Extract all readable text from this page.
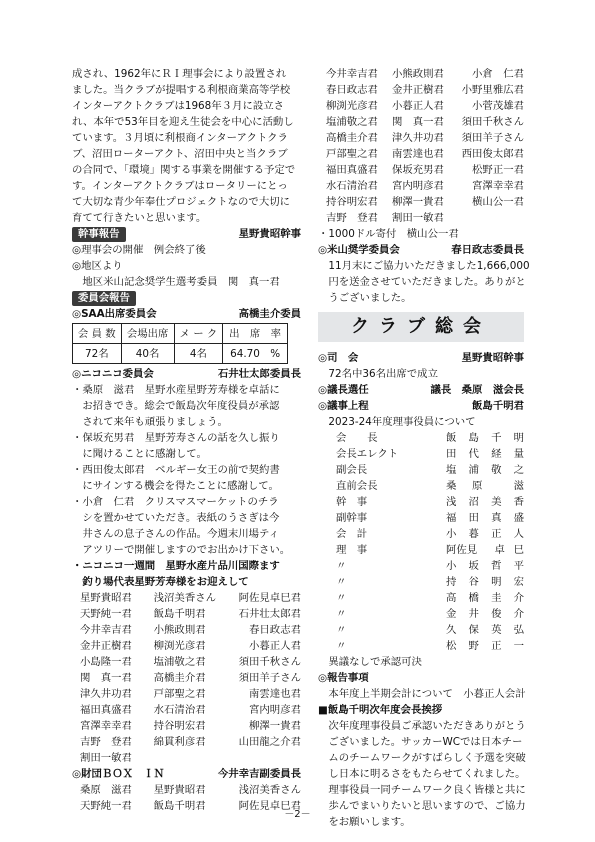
成され、1962年にＲＩ理事会により設置され
ました。当クラブが提唱する利根商業高等学校
インターアクトクラブは1968年３月に設立さ
れ、本年で53年目を迎え生徒会を中心に活動し
ています。３月頃に利根商インターアクトクラ
ブ、沼田ローターアクト、沼田中央と当クラブ
の合同で、「環境」関する事業を開催する予定で
す。インターアクトクラブはロータリーにとっ
て大切な青少年奉仕プロジェクトなので大切に
育てて行きたいと思います。
幹事報告	星野貴昭幹事
◎理事会の開催　例会終了後
◎地区より
　地区米山記念奨学生選考委員　関　真一君
委員会報告
◎SAA出席委員会	高橋圭介委員
会 員 数	会場出席	メ ー ク	出　席　率
72名	40名	4名	64.70　%
◎ニコニコ委員会	石井壮太郎委員長
・桑原　滋君　星野水産星野芳寿様を卓話に
　お招きでき。総会で飯島次年度役員が承認
　されて来年も頑張りましょう。
・保坂充男君　星野芳寿さんの話を久し振り
　に聞けることに感謝して。
・西田俊太郎君　ベルギー女王の前で契約書
　にサインする機会を得たことに感謝して。
・小倉　仁君　クリスマスマーケットのチラ
　シを置かせていただき。表紙のうさぎは今
　井さんの息子さんの作品。今週末川場ティ
　アツリーで開催しますのでお出かけ下さい。
・ニコニコ一週間　星野水産片品川国際ます
　釣り場代表星野芳寿様をお迎えして
星野貴昭君	浅沼美香さん	阿佐見卓巳君
天野純一君	飯島千明君	石井壮太郎君
今井幸吉君	小熊政則君	春日政志君
金井正樹君	柳渕光彦君	小暮正人君
小島隆一君	塩浦敬之君	須田千秋さん
関　真一君	高橋圭介君	須田羊子さん
津久井功君	戸部聖之君	南雲達也君
福田真盛君	水石清治君	宮内明彦君
宮澤幸幸君	持谷明宏君	柳澤一貴君
吉野　登君	綿貫利彦君	山田龍之介君
割田一敏君
◎財団ＢＯＸ　ＩＮ	今井幸吉副委員長
桑原　滋君	星野貴昭君	浅沼美香さん
天野純一君	飯島千明君	阿佐見卓巳君
今井幸吉君	小熊政則君	小倉　仁君
春日政志君	金井正樹君	小野里雅広君
柳渕光彦君	小暮正人君	小菅茂雄君
塩浦敬之君	関　真一君	須田千秋さん
高橋圭介君	津久井功君	須田羊子さん
戸部聖之君	南雲達也君	西田俊太郎君
福田真盛君	保坂充男君	松野正一君
水石清治君	宮内明彦君	宮澤幸幸君
持谷明宏君	柳澤一貴君	横山公一君
吉野　登君	割田一敏君
・1000ドル寄付　横山公一君
◎米山奨学委員会	春日政志委員長
　11月末にご協力いただきました1,666,000
　円を送金させていただきました。ありがと
　うございました。
クラブ総会
◎司　会	星野貴昭幹事
　72名中36名出席で成立
◎議長選任	議長　桑原　滋会長
◎議事上程	飯島千明君
　2023-24年度理事役員について
会　　長	飯 島 千 明
会長エレクト	田 代 経 量
副会長	塩 浦 敬 之
直前会長	桑 原	滋
幹　事	浅 沼 美 香
副幹事	福 田 真 盛
会　計	小 暮 正 人
理　事	阿佐見 卓 巳
〃	小 坂 哲 平
〃	持 谷 明 宏
〃	高 橋 圭 介
〃	金 井 俊 介
〃	久 保 英 弘
〃	松 野 正 一
　異議なしで承認可決
◎報告事項
　本年度上半期会計について　小暮正人会計
■飯島千明次年度会長挨拶
　次年度理事役員ご承認いただきありがとう
　ございました。サッカーWCでは日本チー
　ムのチームワークがすばらしく予選を突破
　し日本に明るさをもたらせてくれました。
　理事役員一同チームワーク良く皆様と共に
　歩んでまいりたいと思いますので、ご協力
　をお願いします。
－2－
